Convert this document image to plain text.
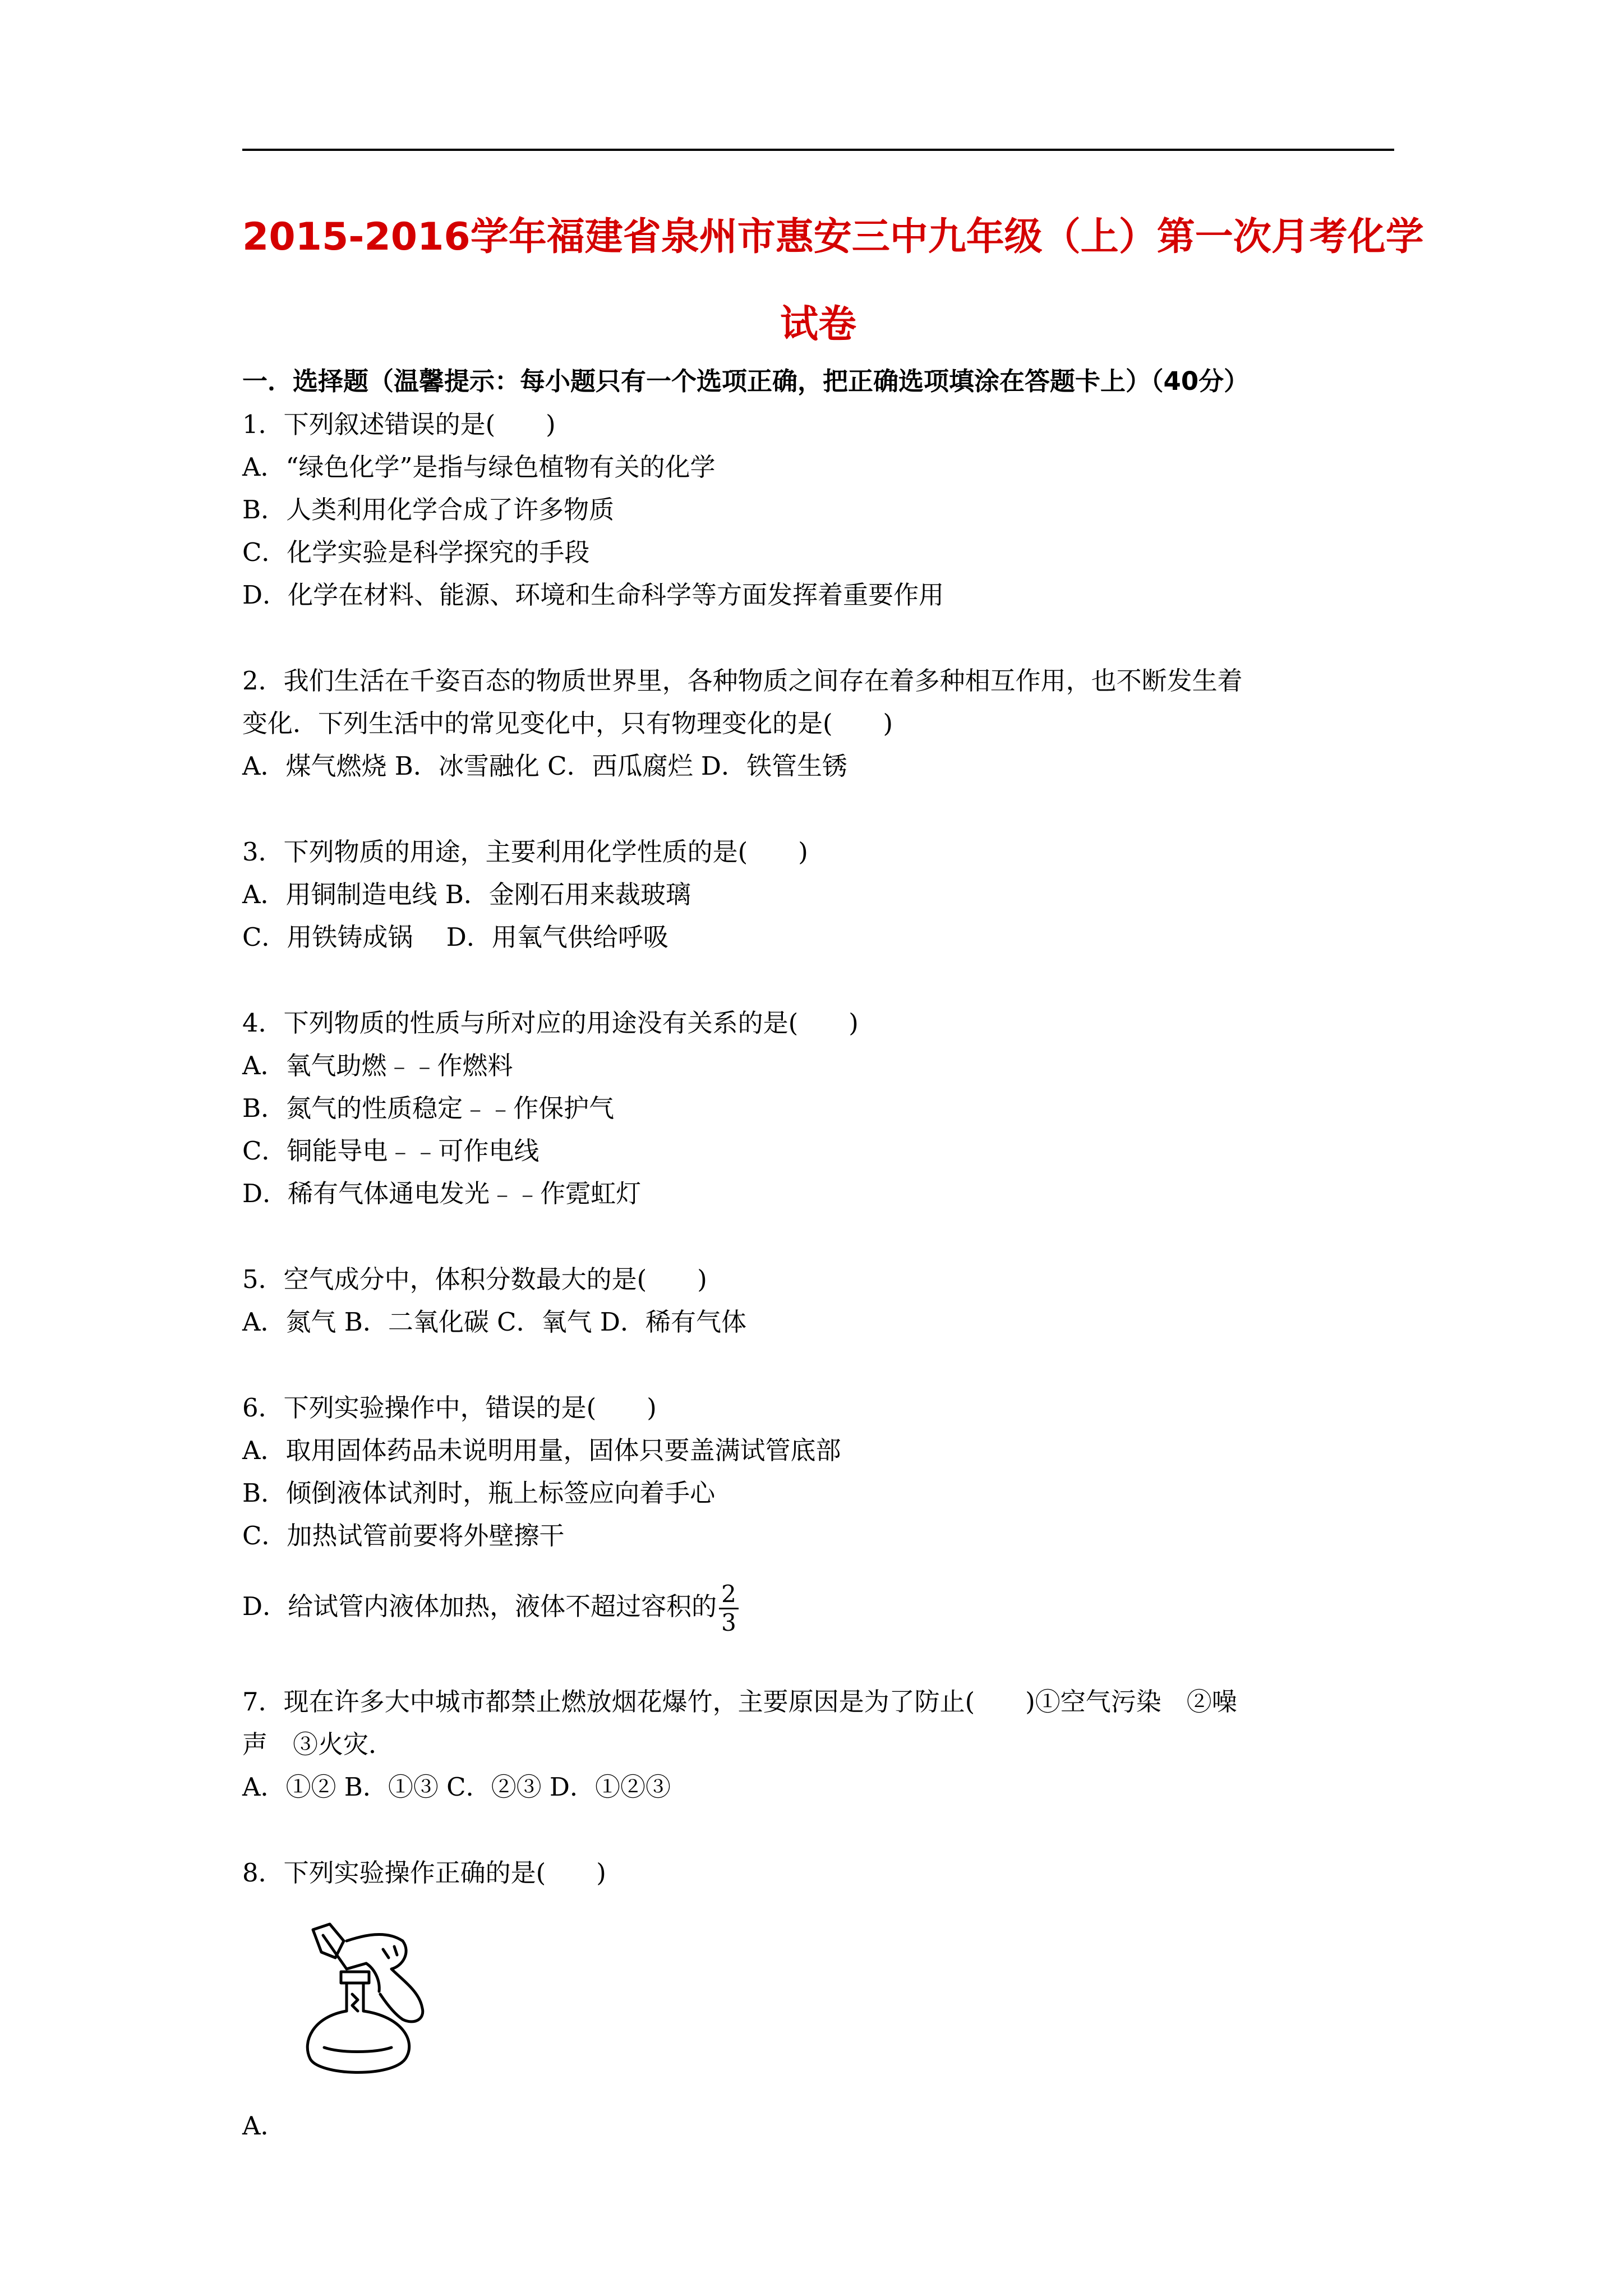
2015-2016学年福建省泉州市惠安三中九年级（上）第一次月考化学
试卷
一．选择题（温馨提示：每小题只有一个选项正确，把正确选项填涂在答题卡上）（40分）
1．下列叙述错误的是(　　)
A．“绿色化学”是指与绿色植物有关的化学
B．人类利用化学合成了许多物质
C．化学实验是科学探究的手段
D．化学在材料、能源、环境和生命科学等方面发挥着重要作用
2．我们生活在千姿百态的物质世界里，各种物质之间存在着多种相互作用，也不断发生着
变化．下列生活中的常见变化中，只有物理变化的是(　　)
A．煤气燃烧 B．冰雪融化 C．西瓜腐烂 D．铁管生锈
3．下列物质的用途，主要利用化学性质的是(　　)
A．用铜制造电线 B．金刚石用来裁玻璃
C．用铁铸成锅　 D．用氧气供给呼吸
4．下列物质的性质与所对应的用途没有关系的是(　　)
A．氧气助燃﹣﹣作燃料
B．氮气的性质稳定﹣﹣作保护气
C．铜能导电﹣﹣可作电线
D．稀有气体通电发光﹣﹣作霓虹灯
5．空气成分中，体积分数最大的是(　　)
A．氮气 B．二氧化碳 C．氧气 D．稀有气体
6．下列实验操作中，错误的是(　　)
A．取用固体药品未说明用量，固体只要盖满试管底部
B．倾倒液体试剂时，瓶上标签应向着手心
C．加热试管前要将外壁擦干
D．给试管内液体加热，液体不超过容积的 $\frac{2}{3}$
7．现在许多大中城市都禁止燃放烟花爆竹，主要原因是为了防止(　　)①空气污染　②噪
声　③火灾．
A．①② B．①③ C．②③ D．①②③
8．下列实验操作正确的是(　　)
A．
